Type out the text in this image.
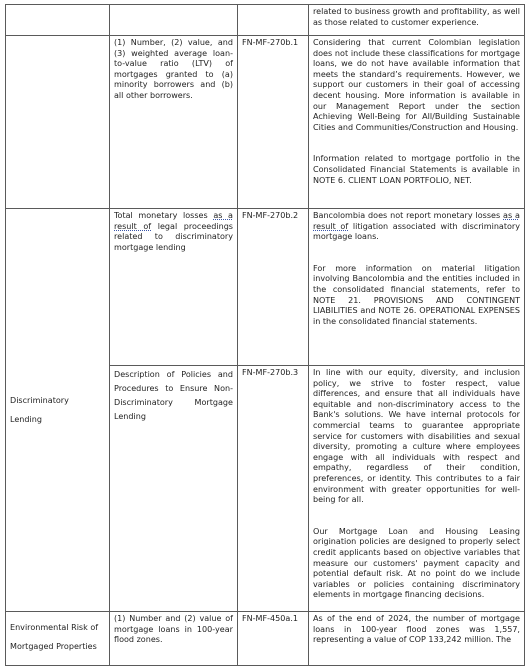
			related to business growth and profitability, as well as those related to customer experience.

	(1) Number, (2) value, and (3) weighted average loan-to-value ratio (LTV) of mortgages granted to (a) minority borrowers and (b) all other borrowers.	FN-MF-270b.1	Considering that current Colombian legislation does not include these classifications for mortgage loans, we do not have available information that meets the standard’s requirements. However, we support our customers in their goal of accessing decent housing. More information is available in our Management Report under the section Achieving Well-Being for All/Building Sustainable Cities and Communities/Construction and Housing.

Information related to mortgage portfolio in the Consolidated Financial Statements is available in NOTE 6. CLIENT LOAN PORTFOLIO, NET.

Discriminatory Lending	Total monetary losses as a result of legal proceedings related to discriminatory mortgage lending	FN-MF-270b.2	Bancolombia does not report monetary losses as a result of litigation associated with discriminatory mortgage loans.

For more information on material litigation involving Bancolombia and the entities included in the consolidated financial statements, refer to NOTE 21. PROVISIONS AND CONTINGENT LIABILITIES and NOTE 26. OPERATIONAL EXPENSES in the consolidated financial statements.

	Description of Policies and Procedures to Ensure Non-Discriminatory Mortgage Lending	FN-MF-270b.3	In line with our equity, diversity, and inclusion policy, we strive to foster respect, value differences, and ensure that all individuals have equitable and non-discriminatory access to the Bank's solutions. We have internal protocols for commercial teams to guarantee appropriate service for customers with disabilities and sexual diversity, promoting a culture where employees engage with all individuals with respect and empathy, regardless of their condition, preferences, or identity. This contributes to a fair environment with greater opportunities for well-being for all.

Our Mortgage Loan and Housing Leasing origination policies are designed to properly select credit applicants based on objective variables that measure our customers' payment capacity and potential default risk. At no point do we include variables or policies containing discriminatory elements in mortgage financing decisions.

Environmental Risk of Mortgaged Properties	(1) Number and (2) value of mortgage loans in 100-year flood zones.	FN-MF-450a.1	As of the end of 2024, the number of mortgage loans in 100-year flood zones was 1,557, representing a value of COP 133,242 million. The
